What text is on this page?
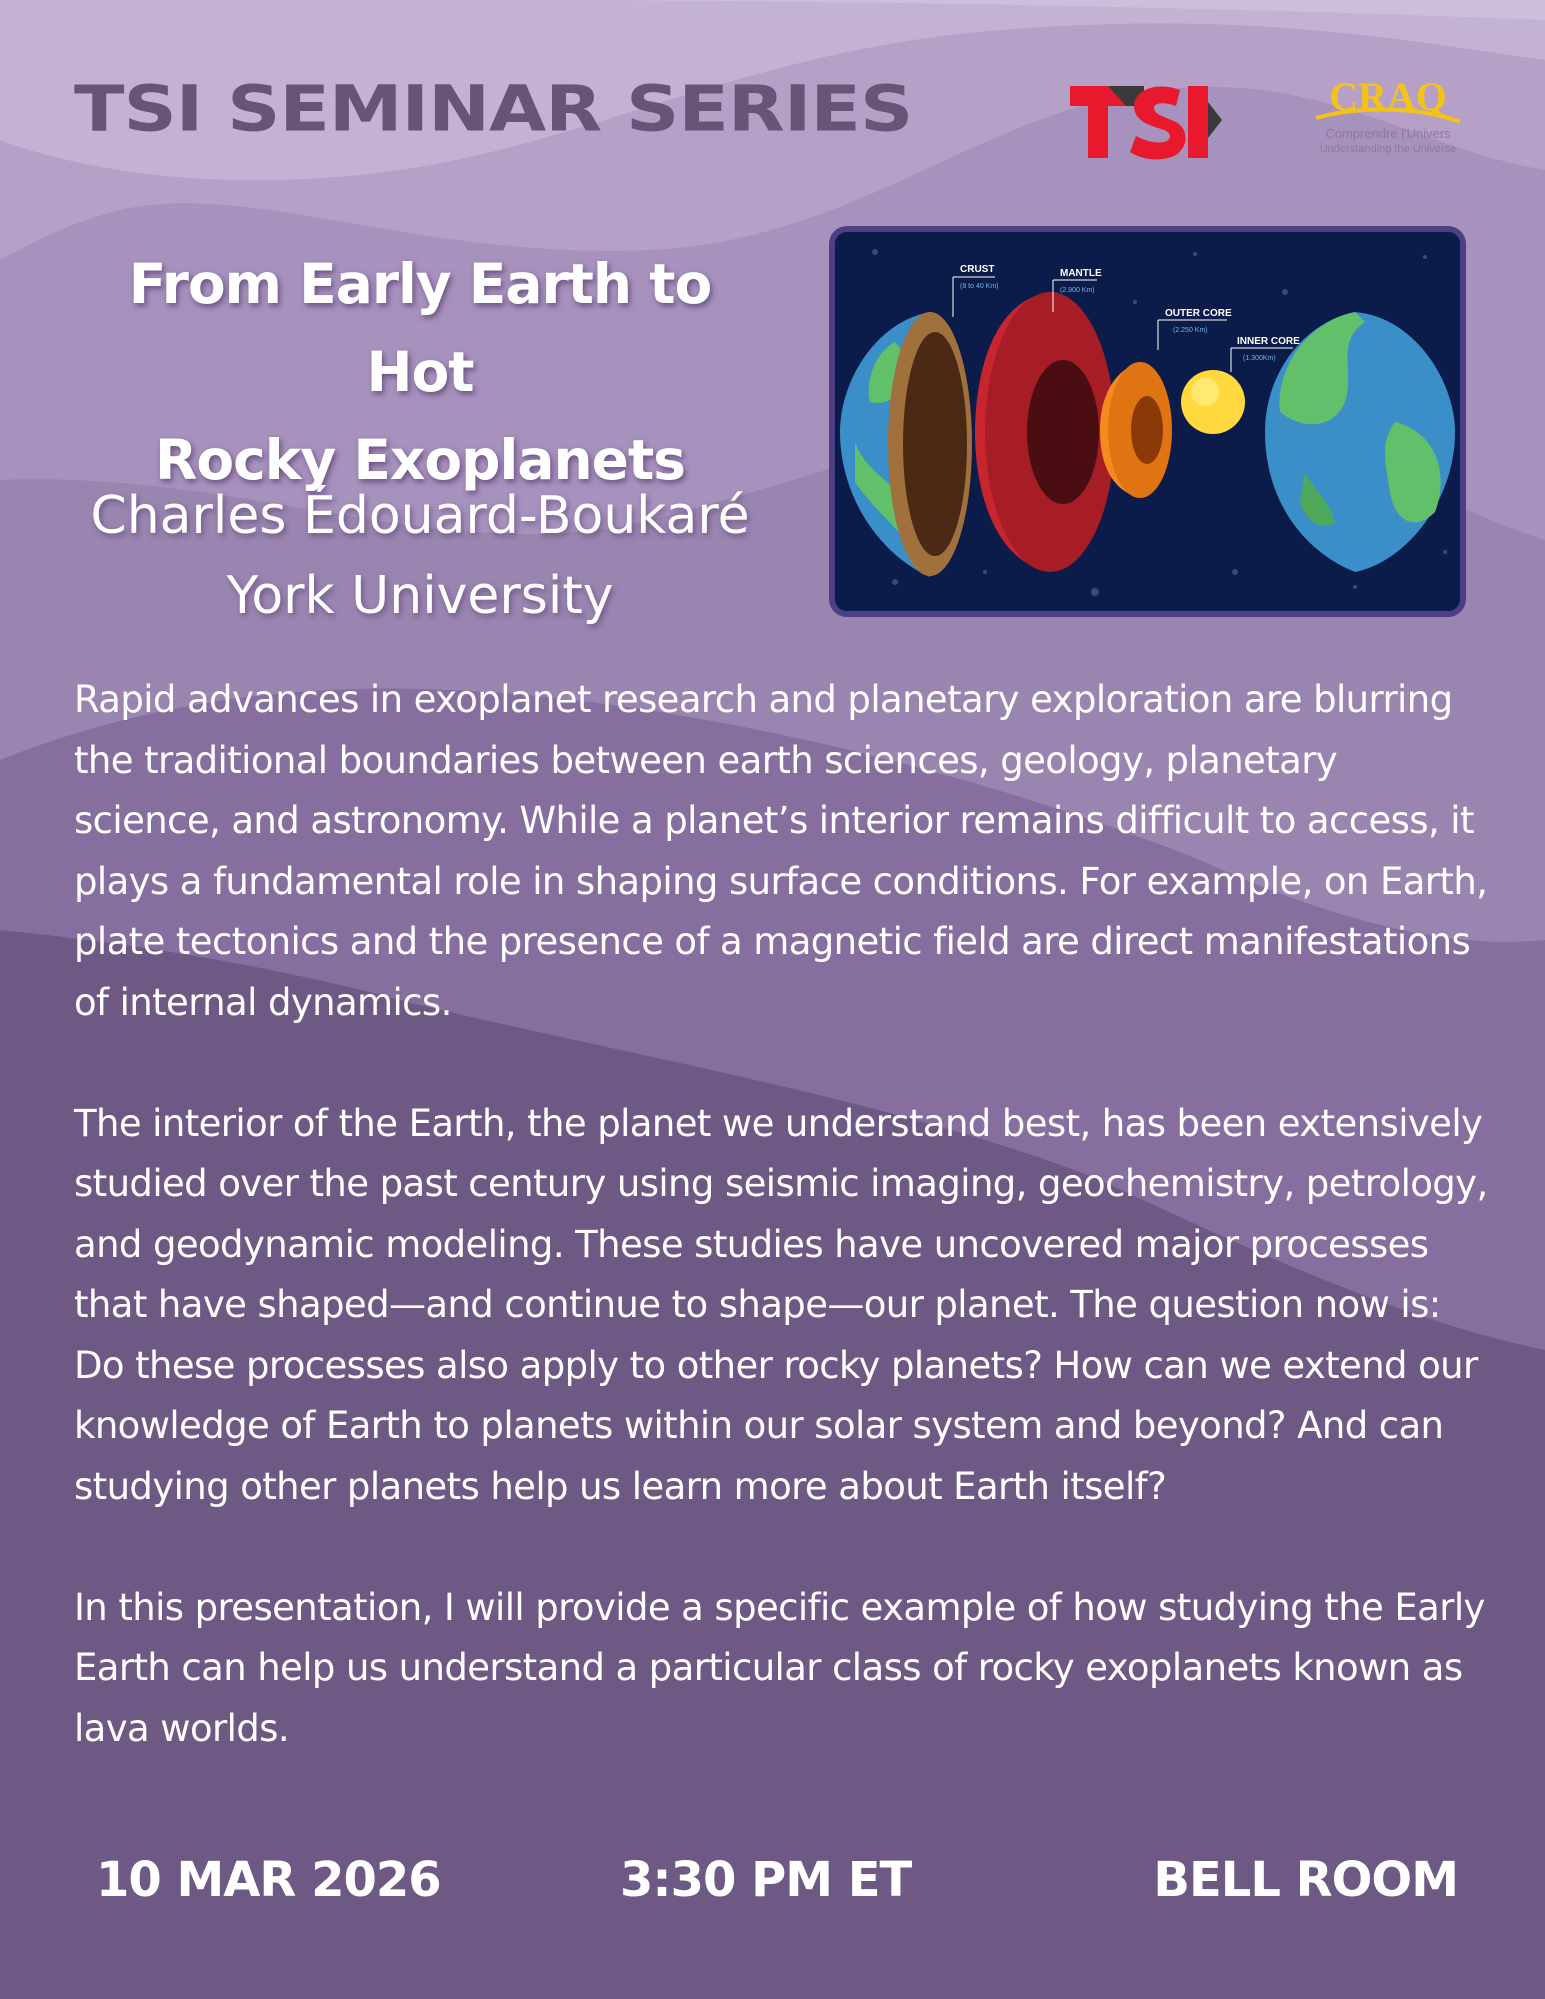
TSI SEMINAR SERIES	CRAQ
Comprendre l'Univers
Understanding the Universe
From Early Earth to Hot
Rocky Exoplanets
Charles Édouard-Boukaré
York University
CRUST
(8 to 40 Km)
MANTLE
(2.900 Km)
OUTER CORE
(2.250 Km)
INNER CORE
(1.300Km)

Rapid advances in exoplanet research and planetary exploration are blurring the traditional boundaries between earth sciences, geology, planetary science, and astronomy. While a planet’s interior remains difficult to access, it plays a fundamental role in shaping surface conditions. For example, on Earth, plate tectonics and the presence of a magnetic field are direct manifestations of internal dynamics.

The interior of the Earth, the planet we understand best, has been extensively studied over the past century using seismic imaging, geochemistry, petrology, and geodynamic modeling. These studies have uncovered major processes that have shaped—and continue to shape—our planet. The question now is: Do these processes also apply to other rocky planets? How can we extend our knowledge of Earth to planets within our solar system and beyond? And can studying other planets help us learn more about Earth itself?

In this presentation, I will provide a specific example of how studying the Early Earth can help us understand a particular class of rocky exoplanets known as lava worlds.

10 MAR 2026	3:30 PM ET	BELL ROOM
